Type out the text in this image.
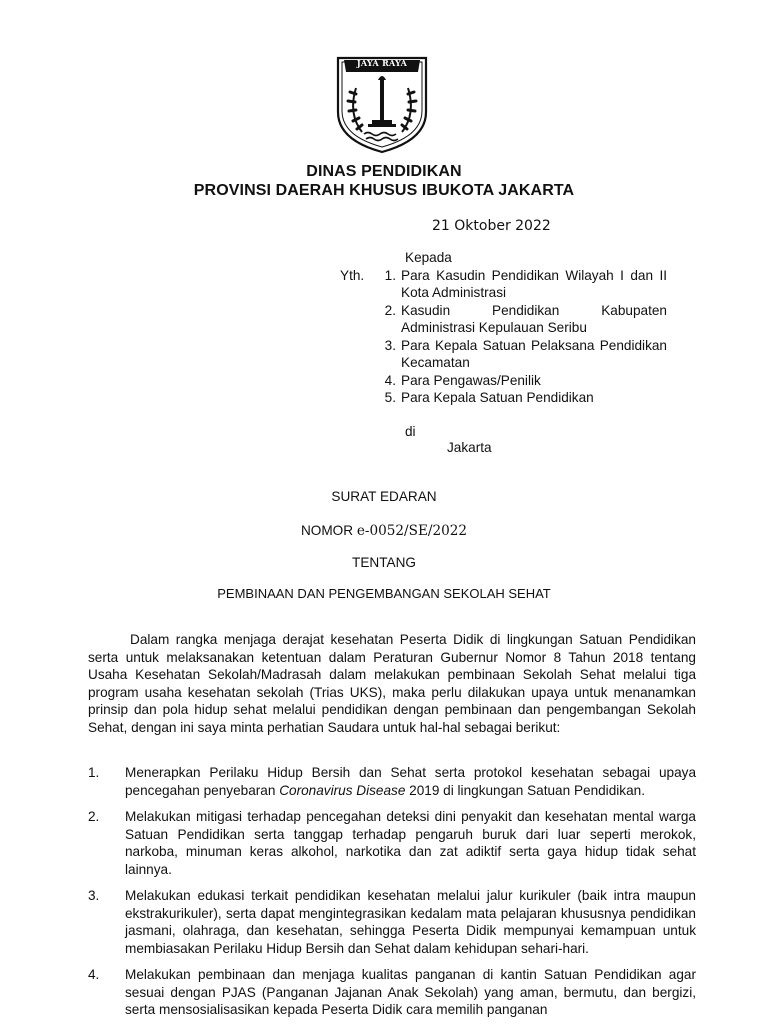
JAYA RAYA
DINAS PENDIDIKAN
PROVINSI DAERAH KHUSUS IBUKOTA JAKARTA
21 Oktober 2022
Kepada
Yth.	1. Para Kasudin Pendidikan Wilayah I dan II Kota Administrasi
2. Kasudin Pendidikan Kabupaten Administrasi Kepulauan Seribu
3. Para Kepala Satuan Pelaksana Pendidikan Kecamatan
4. Para Pengawas/Penilik
5. Para Kepala Satuan Pendidikan
di
Jakarta
SURAT EDARAN
NOMOR e-0052/SE/2022
TENTANG
PEMBINAAN DAN PENGEMBANGAN SEKOLAH SEHAT
Dalam rangka menjaga derajat kesehatan Peserta Didik di lingkungan Satuan Pendidikan serta untuk melaksanakan ketentuan dalam Peraturan Gubernur Nomor 8 Tahun 2018 tentang Usaha Kesehatan Sekolah/Madrasah dalam melakukan pembinaan Sekolah Sehat melalui tiga program usaha kesehatan sekolah (Trias UKS), maka perlu dilakukan upaya untuk menanamkan prinsip dan pola hidup sehat melalui pendidikan dengan pembinaan dan pengembangan Sekolah Sehat, dengan ini saya minta perhatian Saudara untuk hal-hal sebagai berikut:
1.	Menerapkan Perilaku Hidup Bersih dan Sehat serta protokol kesehatan sebagai upaya pencegahan penyebaran Coronavirus Disease 2019 di lingkungan Satuan Pendidikan.
2.	Melakukan mitigasi terhadap pencegahan deteksi dini penyakit dan kesehatan mental warga Satuan Pendidikan serta tanggap terhadap pengaruh buruk dari luar seperti merokok, narkoba, minuman keras alkohol, narkotika dan zat adiktif serta gaya hidup tidak sehat lainnya.
3.	Melakukan edukasi terkait pendidikan kesehatan melalui jalur kurikuler (baik intra maupun ekstrakurikuler), serta dapat mengintegrasikan kedalam mata pelajaran khususnya pendidikan jasmani, olahraga, dan kesehatan, sehingga Peserta Didik mempunyai kemampuan untuk membiasakan Perilaku Hidup Bersih dan Sehat dalam kehidupan sehari-hari.
4.	Melakukan pembinaan dan menjaga kualitas panganan di kantin Satuan Pendidikan agar sesuai dengan PJAS (Panganan Jajanan Anak Sekolah) yang aman, bermutu, dan bergizi, serta mensosialisasikan kepada Peserta Didik cara memilih panganan
